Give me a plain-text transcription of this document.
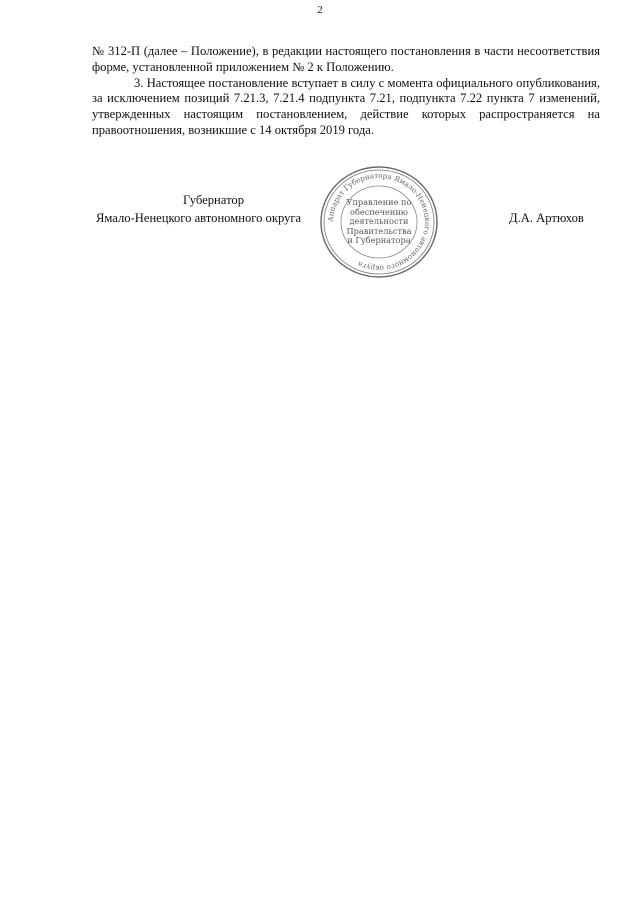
2

№ 312-П (далее – Положение), в редакции настоящего постановления в части несоответствия форме, установленной приложением № 2 к Положению.

3. Настоящее постановление вступает в силу с момента официального опубликования, за исключением позиций 7.21.3, 7.21.4 подпункта 7.21, подпункта 7.22 пункта 7 изменений, утвержденных настоящим постановлением, действие которых распространяется на правоотношения, возникшие с 14 октября 2019 года.

Аппарат Губернатора Ямало-Ненецкого автономного округа
Управление по
обеспечению
деятельности
Правительства
и Губернатора
Губернатор
Ямало-Ненецкого автономного округа	Д.А. Артюхов
